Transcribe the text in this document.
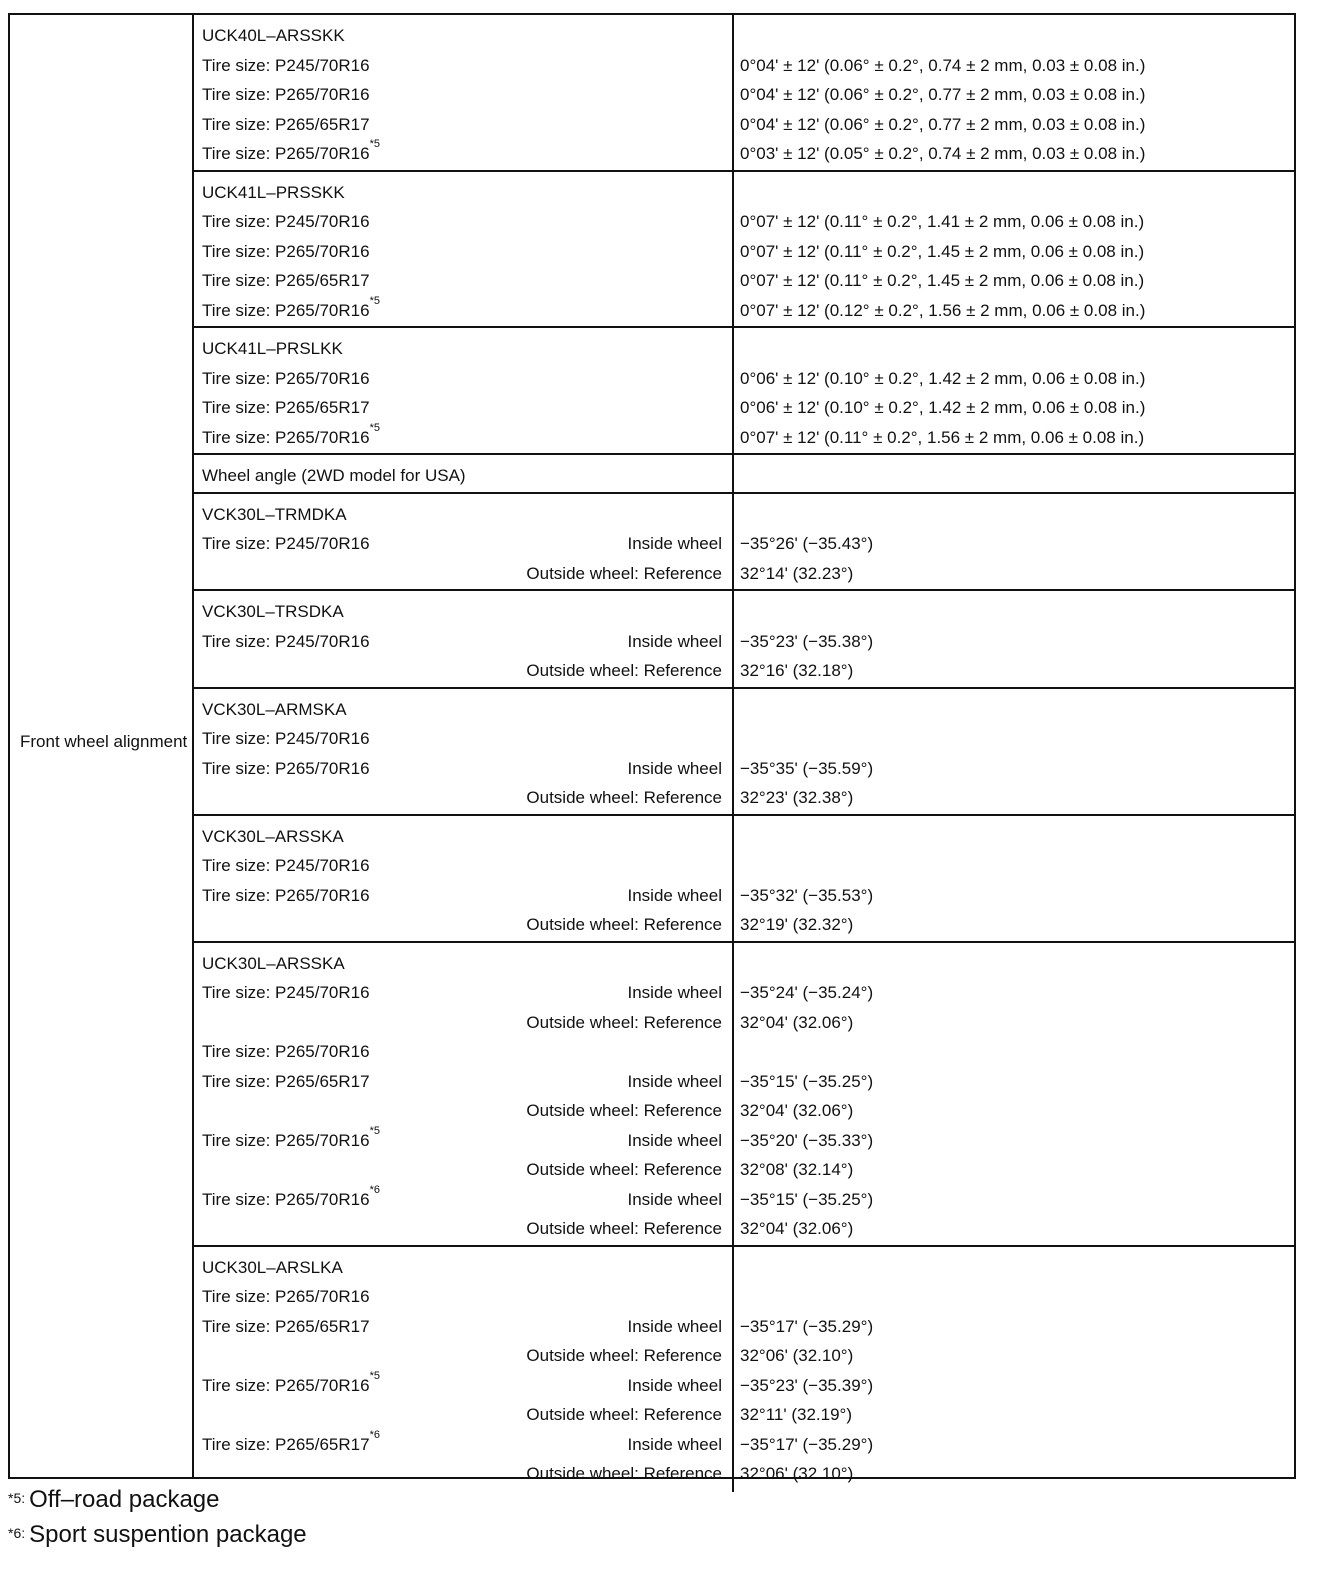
Front wheel alignment
UCK40L–ARSSKK
Tire size: P245/70R16	0°04' ± 12' (0.06° ± 0.2°, 0.74 ± 2 mm, 0.03 ± 0.08 in.)
Tire size: P265/70R16	0°04' ± 12' (0.06° ± 0.2°, 0.77 ± 2 mm, 0.03 ± 0.08 in.)
Tire size: P265/65R17	0°04' ± 12' (0.06° ± 0.2°, 0.77 ± 2 mm, 0.03 ± 0.08 in.)
Tire size: P265/70R16$^{*5}$	0°03' ± 12' (0.05° ± 0.2°, 0.74 ± 2 mm, 0.03 ± 0.08 in.)
UCK41L–PRSSKK
Tire size: P245/70R16	0°07' ± 12' (0.11° ± 0.2°, 1.41 ± 2 mm, 0.06 ± 0.08 in.)
Tire size: P265/70R16	0°07' ± 12' (0.11° ± 0.2°, 1.45 ± 2 mm, 0.06 ± 0.08 in.)
Tire size: P265/65R17	0°07' ± 12' (0.11° ± 0.2°, 1.45 ± 2 mm, 0.06 ± 0.08 in.)
Tire size: P265/70R16$^{*5}$	0°07' ± 12' (0.12° ± 0.2°, 1.56 ± 2 mm, 0.06 ± 0.08 in.)
UCK41L–PRSLKK
Tire size: P265/70R16	0°06' ± 12' (0.10° ± 0.2°, 1.42 ± 2 mm, 0.06 ± 0.08 in.)
Tire size: P265/65R17	0°06' ± 12' (0.10° ± 0.2°, 1.42 ± 2 mm, 0.06 ± 0.08 in.)
Tire size: P265/70R16$^{*5}$	0°07' ± 12' (0.11° ± 0.2°, 1.56 ± 2 mm, 0.06 ± 0.08 in.)
Wheel angle (2WD model for USA)
VCK30L–TRMDKA
Tire size: P245/70R16	Inside wheel −35°26' (−35.43°)
Outside wheel: Reference 32°14' (32.23°)
VCK30L–TRSDKA
Tire size: P245/70R16	Inside wheel −35°23' (−35.38°)
Outside wheel: Reference 32°16' (32.18°)
VCK30L–ARMSKA
Tire size: P245/70R16
Tire size: P265/70R16	Inside wheel −35°35' (−35.59°)
Outside wheel: Reference 32°23' (32.38°)
VCK30L–ARSSKA
Tire size: P245/70R16
Tire size: P265/70R16	Inside wheel −35°32' (−35.53°)
Outside wheel: Reference 32°19' (32.32°)
UCK30L–ARSSKA
Tire size: P245/70R16	Inside wheel −35°24' (−35.24°)
Outside wheel: Reference 32°04' (32.06°)
Tire size: P265/70R16
Tire size: P265/65R17	Inside wheel −35°15' (−35.25°)
Outside wheel: Reference 32°04' (32.06°)
Tire size: P265/70R16$^{*5}$	Inside wheel −35°20' (−35.33°)
Outside wheel: Reference 32°08' (32.14°)
Tire size: P265/70R16$^{*6}$	Inside wheel −35°15' (−35.25°)
Outside wheel: Reference 32°04' (32.06°)
UCK30L–ARSLKA
Tire size: P265/70R16
Tire size: P265/65R17	Inside wheel −35°17' (−35.29°)
Outside wheel: Reference 32°06' (32.10°)
Tire size: P265/70R16$^{*5}$	Inside wheel −35°23' (−35.39°)
Outside wheel: Reference 32°11' (32.19°)
Tire size: P265/65R17$^{*6}$	Inside wheel −35°17' (−35.29°)
Outside wheel: Reference 32°06' (32.10°)
$^{*5:}$ Off–road package
$^{*6:}$ Sport suspention package
